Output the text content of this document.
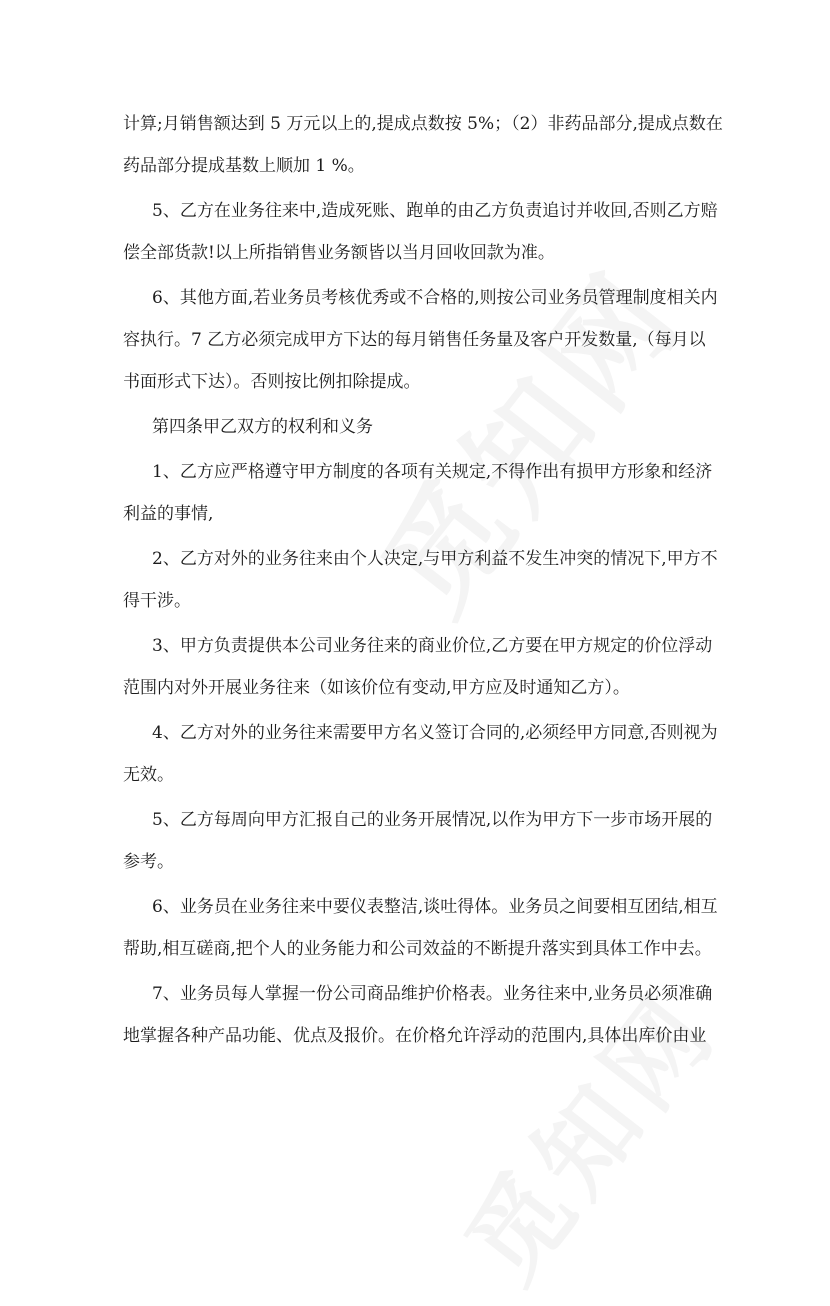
计算;月销售额达到 5 万元以上的,提成点数按 5%；（2）非药品部分,提成点数在

药品部分提成基数上顺加 1 %。

5、乙方在业务往来中,造成死账、跑单的由乙方负责追讨并收回,否则乙方赔

偿全部货款!以上所指销售业务额皆以当月回收回款为准。

6、其他方面,若业务员考核优秀或不合格的,则按公司业务员管理制度相关内

容执行。7 乙方必须完成甲方下达的每月销售任务量及客户开发数量,（每月以

书面形式下达）。否则按比例扣除提成。

第四条甲乙双方的权利和义务

1、乙方应严格遵守甲方制度的各项有关规定,不得作出有损甲方形象和经济

利益的事情,

2、乙方对外的业务往来由个人决定,与甲方利益不发生冲突的情况下,甲方不

得干涉。

3、甲方负责提供本公司业务往来的商业价位,乙方要在甲方规定的价位浮动

范围内对外开展业务往来（如该价位有变动,甲方应及时通知乙方）。

4、乙方对外的业务往来需要甲方名义签订合同的,必须经甲方同意,否则视为

无效。

5、乙方每周向甲方汇报自己的业务开展情况,以作为甲方下一步市场开展的

参考。

6、业务员在业务往来中要仪表整洁,谈吐得体。业务员之间要相互团结,相互

帮助,相互磋商,把个人的业务能力和公司效益的不断提升落实到具体工作中去。

7、业务员每人掌握一份公司商品维护价格表。业务往来中,业务员必须准确

地掌握各种产品功能、优点及报价。在价格允许浮动的范围内,具体出库价由业
